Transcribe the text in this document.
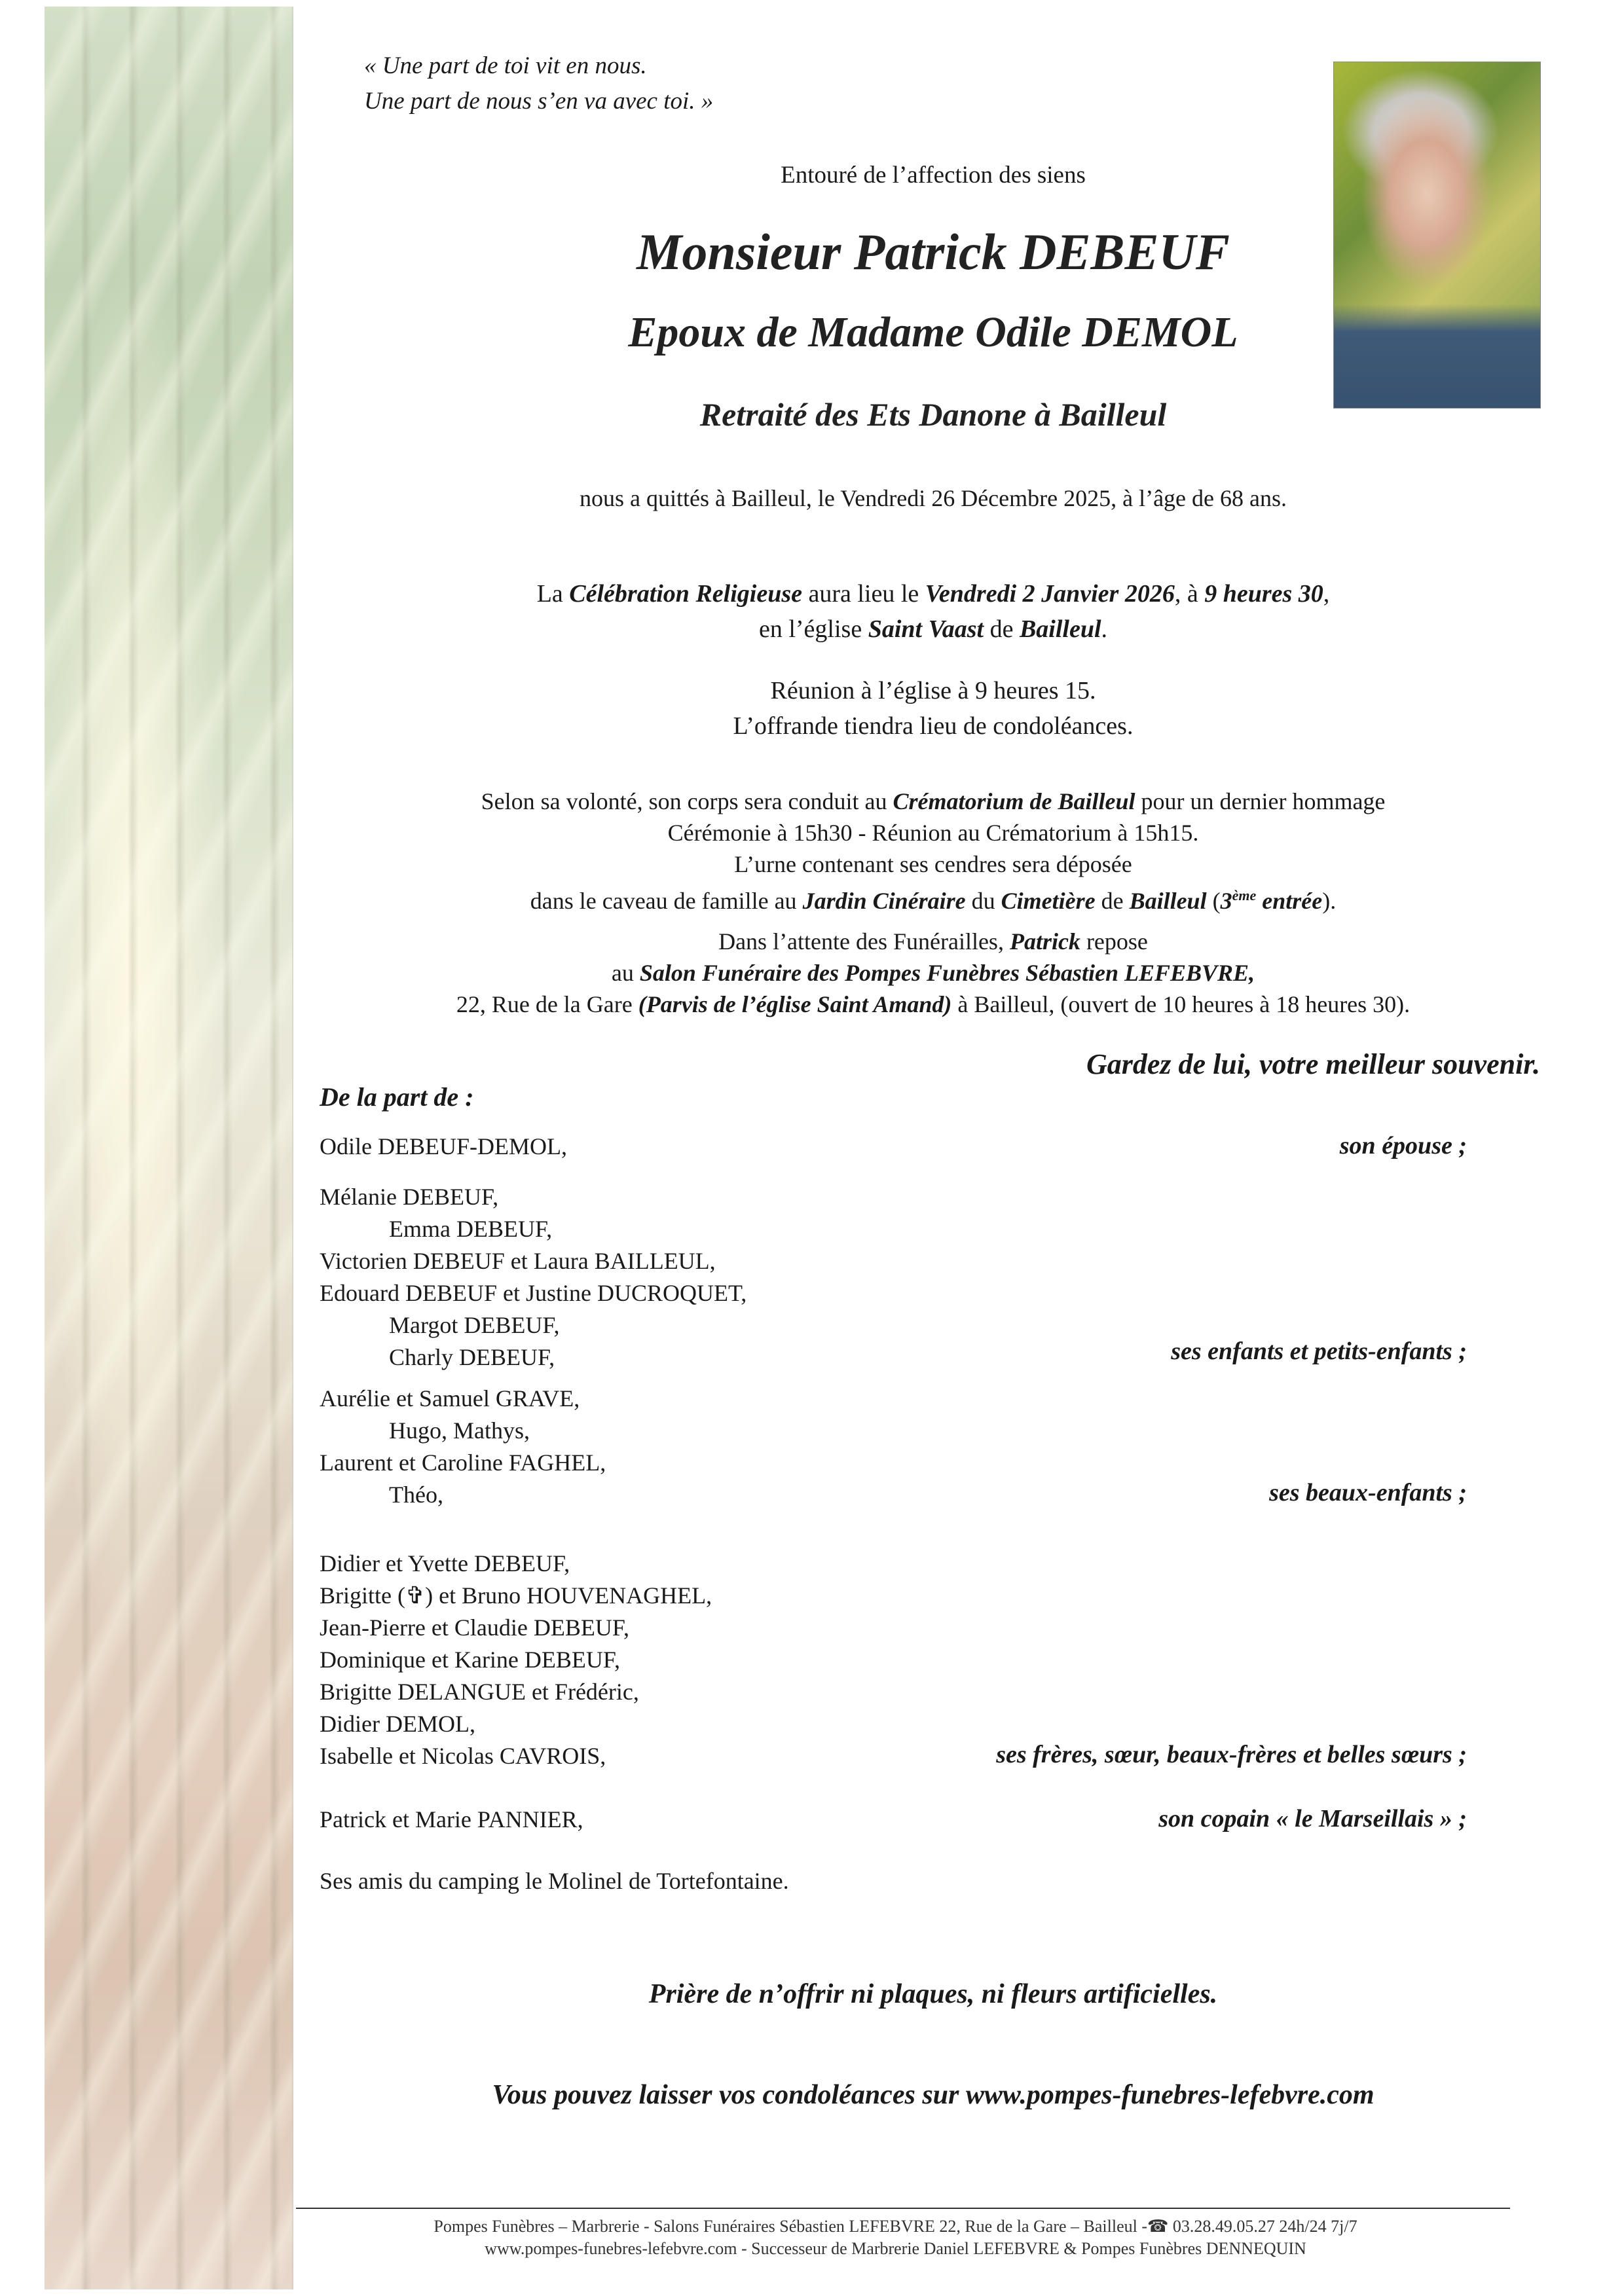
« Une part de toi vit en nous.
Une part de nous s’en va avec toi. »
Entouré de l’affection des siens
Monsieur Patrick DEBEUF
Epoux de Madame Odile DEMOL
Retraité des Ets Danone à Bailleul
nous a quittés à Bailleul, le Vendredi 26 Décembre 2025, à l’âge de 68 ans.
La Célébration Religieuse aura lieu le Vendredi 2 Janvier 2026, à 9 heures 30,
en l’église Saint Vaast de Bailleul.
Réunion à l’église à 9 heures 15.
L’offrande tiendra lieu de condoléances.
Selon sa volonté, son corps sera conduit au Crématorium de Bailleul pour un dernier hommage
Cérémonie à 15h30 - Réunion au Crématorium à 15h15.
L’urne contenant ses cendres sera déposée
dans le caveau de famille au Jardin Cinéraire du Cimetière de Bailleul (3ème entrée).
Dans l’attente des Funérailles, Patrick repose
au Salon Funéraire des Pompes Funèbres Sébastien LEFEBVRE,
22, Rue de la Gare (Parvis de l’église Saint Amand) à Bailleul, (ouvert de 10 heures à 18 heures 30).
Gardez de lui, votre meilleur souvenir.
De la part de :
Odile DEBEUF-DEMOL,	son épouse ;
Mélanie DEBEUF,
Emma DEBEUF,
Victorien DEBEUF et Laura BAILLEUL,
Edouard DEBEUF et Justine DUCROQUET,
Margot DEBEUF,
Charly DEBEUF,	ses enfants et petits-enfants ;
Aurélie et Samuel GRAVE,
Hugo, Mathys,
Laurent et Caroline FAGHEL,
Théo,	ses beaux-enfants ;
Didier et Yvette DEBEUF,
Brigitte (✞) et Bruno HOUVENAGHEL,
Jean-Pierre et Claudie DEBEUF,
Dominique et Karine DEBEUF,
Brigitte DELANGUE et Frédéric,
Didier DEMOL,
Isabelle et Nicolas CAVROIS,	ses frères, sœur, beaux-frères et belles sœurs ;
Patrick et Marie PANNIER,	son copain « le Marseillais » ;
Ses amis du camping le Molinel de Tortefontaine.
Prière de n’offrir ni plaques, ni fleurs artificielles.
Vous pouvez laisser vos condoléances sur www.pompes-funebres-lefebvre.com
Pompes Funèbres – Marbrerie - Salons Funéraires Sébastien LEFEBVRE 22, Rue de la Gare – Bailleul -☎ 03.28.49.05.27 24h/24 7j/7
www.pompes-funebres-lefebvre.com - Successeur de Marbrerie Daniel LEFEBVRE & Pompes Funèbres DENNEQUIN
